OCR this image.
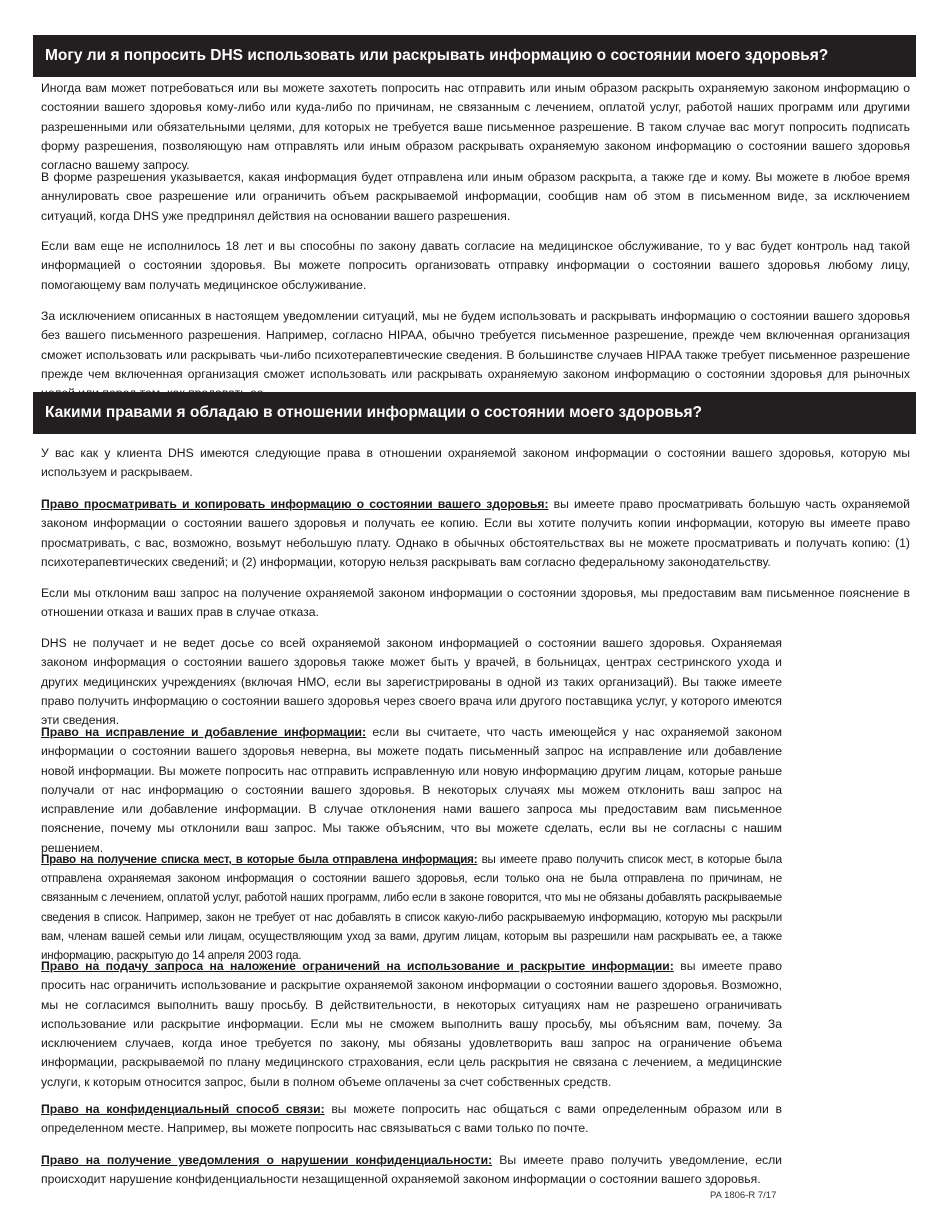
Могу ли я попросить DHS использовать или раскрывать информацию о состоянии моего здоровья?

Иногда вам может потребоваться или вы можете захотеть попросить нас отправить или иным образом раскрыть охраняемую законом информацию о состоянии вашего здоровья кому-либо или куда-либо по причинам, не связанным с лечением, оплатой услуг, работой наших программ или другими разрешенными или обязательными целями, для которых не требуется ваше письменное разрешение. В таком случае вас могут попросить подписать форму разрешения, позволяющую нам отправлять или иным образом раскрывать охраняемую законом информацию о состоянии вашего здоровья согласно вашему запросу.

В форме разрешения указывается, какая информация будет отправлена или иным образом раскрыта, а также где и кому. Вы можете в любое время аннулировать свое разрешение или ограничить объем раскрываемой информации, сообщив нам об этом в письменном виде, за исключением ситуаций, когда DHS уже предпринял действия на основании вашего разрешения.

Если вам еще не исполнилось 18 лет и вы способны по закону давать согласие на медицинское обслуживание, то у вас будет контроль над такой информацией о состоянии здоровья. Вы можете попросить организовать отправку информации о состоянии вашего здоровья любому лицу, помогающему вам получать медицинское обслуживание.

За исключением описанных в настоящем уведомлении ситуаций, мы не будем использовать и раскрывать информацию о состоянии вашего здоровья без вашего письменного разрешения. Например, согласно HIPAA, обычно требуется письменное разрешение, прежде чем включенная организация сможет использовать или раскрывать чьи-либо психотерапевтические сведения. В большинстве случаев HIPAA также требует письменное разрешение прежде чем включенная организация сможет использовать или раскрывать охраняемую законом информацию о состоянии здоровья для рыночных

Какими правами я обладаю в отношении информации о состоянии моего здоровья?

У вас как у клиента DHS имеются следующие права в отношении охраняемой законом информации о состоянии вашего здоровья, которую мы используем и раскрываем.

Право просматривать и копировать информацию о состоянии вашего здоровья: вы имеете право просматривать большую часть охраняемой законом информации о состоянии вашего здоровья и получать ее копию. Если вы хотите получить копии информации, которую вы имеете право просматривать, с вас, возможно, возьмут небольшую плату. Однако в обычных обстоятельствах вы не можете просматривать и получать копию: (1) психотерапевтических сведений; и (2) информации, которую нельзя раскрывать вам согласно федеральному законодательству.

Если мы отклоним ваш запрос на получение охраняемой законом информации о состоянии здоровья, мы предоставим вам письменное пояснение в отношении отказа и ваших прав в случае отказа.

DHS не получает и не ведет досье со всей охраняемой законом информацией о состоянии вашего здоровья. Охраняемая законом информация о состоянии вашего здоровья также может быть у врачей, в больницах, центрах сестринского ухода и других медицинских учреждениях (включая HMO, если вы зарегистрированы в одной из таких организаций). Вы также имеете право получить информацию о состоянии вашего здоровья через своего врача или другого поставщика услуг, у которого имеются эти сведения.

Право на исправление и добавление информации: если вы считаете, что часть имеющейся у нас охраняемой законом информации о состоянии вашего здоровья неверна, вы можете подать письменный запрос на исправление или добавление новой информации. Вы можете попросить нас отправить исправленную или новую информацию другим лицам, которые раньше получали от нас информацию о состоянии вашего здоровья. В некоторых случаях мы можем отклонить ваш запрос на исправление или добавление информации. В случае отклонения нами вашего запроса мы предоставим вам письменное пояснение, почему мы отклонили ваш запрос. Мы также объясним, что вы можете сделать, если вы не согласны с нашим решением.

Право на получение списка мест, в которые была отправлена информация: вы имеете право получить список мест, в которые была отправлена охраняемая законом информация о состоянии вашего здоровья, если только она не была отправлена по причинам, не связанным с лечением, оплатой услуг, работой наших программ, либо если в законе говорится, что мы не обязаны добавлять раскрываемые сведения в список. Например, закон не требует от нас добавлять в список какую-либо раскрываемую информацию, которую мы раскрыли вам, членам вашей семьи или лицам, осуществляющим уход за вами, другим лицам, которым вы разрешили нам раскрывать ее, а также информацию, раскрытую до 14 апреля 2003 года.

Право на подачу запроса на наложение ограничений на использование и раскрытие информации: вы имеете право просить нас ограничить использование и раскрытие охраняемой законом информации о состоянии вашего здоровья. Возможно, мы не согласимся выполнить вашу просьбу. В действительности, в некоторых ситуациях нам не разрешено ограничивать использование или раскрытие информации. Если мы не сможем выполнить вашу просьбу, мы объясним вам, почему. За исключением случаев, когда иное требуется по закону, мы обязаны удовлетворить ваш запрос на ограничение объема информации, раскрываемой по плану медицинского страхования, если цель раскрытия не связана с лечением, а медицинские услуги, к которым относится запрос, были в полном объеме оплачены за счет собственных средств.

Право на конфиденциальный способ связи: вы можете попросить нас общаться с вами определенным образом или в определенном месте. Например, вы можете попросить нас связываться с вами только по почте.

Право на получение уведомления о нарушении конфиденциальности: Вы имеете право получить уведомление, если происходит нарушение конфиденциальности незащищенной охраняемой законом информации о состоянии вашего здоровья.

PA 1806-R 7/17
